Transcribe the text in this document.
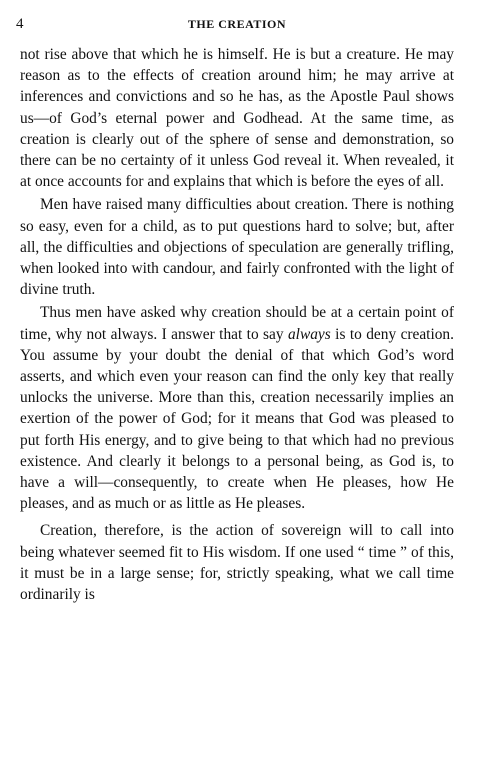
4	THE CREATION

not rise above that which he is himself. He is but a creature. He may reason as to the effects of creation around him; he may arrive at inferences and convictions and so he has, as the Apostle Paul shows us—of God’s eternal power and Godhead. At the same time, as creation is clearly out of the sphere of sense and demonstration, so there can be no certainty of it unless God reveal it. When revealed, it at once accounts for and explains that which is before the eyes of all.

Men have raised many difficulties about creation. There is nothing so easy, even for a child, as to put questions hard to solve; but, after all, the difficulties and objections of speculation are generally trifling, when looked into with candour, and fairly confronted with the light of divine truth.

Thus men have asked why creation should be at a certain point of time, why not always. I answer that to say always is to deny creation. You assume by your doubt the denial of that which God’s word asserts, and which even your reason can find the only key that really unlocks the universe. More than this, creation necessarily implies an exertion of the power of God; for it means that God was pleased to put forth His energy, and to give being to that which had no previous existence. And clearly it belongs to a personal being, as God is, to have a will—consequently, to create when He pleases, how He pleases, and as much or as little as He pleases.

Creation, therefore, is the action of sovereign will to call into being whatever seemed fit to His wisdom. If one used “ time ” of this, it must be in a large sense; for, strictly speaking, what we call time ordinarily is
